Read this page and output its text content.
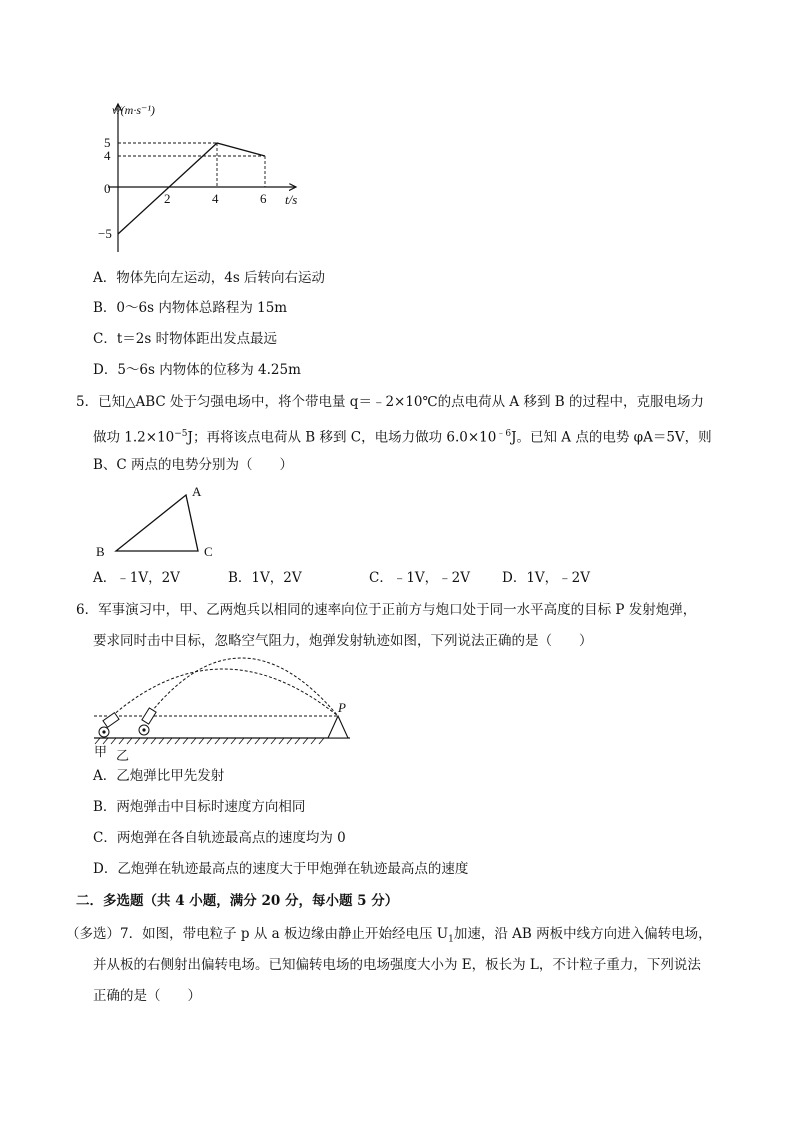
v/(m·s⁻¹)
5
4
0
−5
2	4	6 t/s
A．物体先向左运动，4s 后转向右运动
B．0～6s 内物体总路程为 15m
C．t＝2s 时物体距出发点最远
D．5～6s 内物体的位移为 4.25m
5．已知△ABC 处于匀强电场中，将个带电量 q＝﹣2×10℃的点电荷从 A 移到 B 的过程中，克服电场力
做功 $1.2\times 10^{-5}J$；再将该点电荷从 B 移到 C，电场力做功 $6.0\times 10^{﹣6}J$。已知 A 点的电势 φA＝5V，则
B、C 两点的电势分别为（　　）
A
B	C
A．﹣1V，2V	B．1V，2V	C．﹣1V，﹣2V D．1V，﹣2V
6．军事演习中，甲、乙两炮兵以相同的速率向位于正前方与炮口处于同一水平高度的目标 P 发射炮弹，
要求同时击中目标，忽略空气阻力，炮弹发射轨迹如图，下列说法正确的是（　　）
P
甲 乙
A．乙炮弹比甲先发射
B．两炮弹击中目标时速度方向相同
C．两炮弹在各自轨迹最高点的速度均为 0
D．乙炮弹在轨迹最高点的速度大于甲炮弹在轨迹最高点的速度
二．多选题（共 4 小题，满分 20 分，每小题 5 分）
（多选）7．如图，带电粒子 p 从 a 板边缘由静止开始经电压 $U_1$加速，沿 AB 两板中线方向进入偏转电场，
并从板的右侧射出偏转电场。已知偏转电场的电场强度大小为 E，板长为 L，不计粒子重力，下列说法
正确的是（　　）
